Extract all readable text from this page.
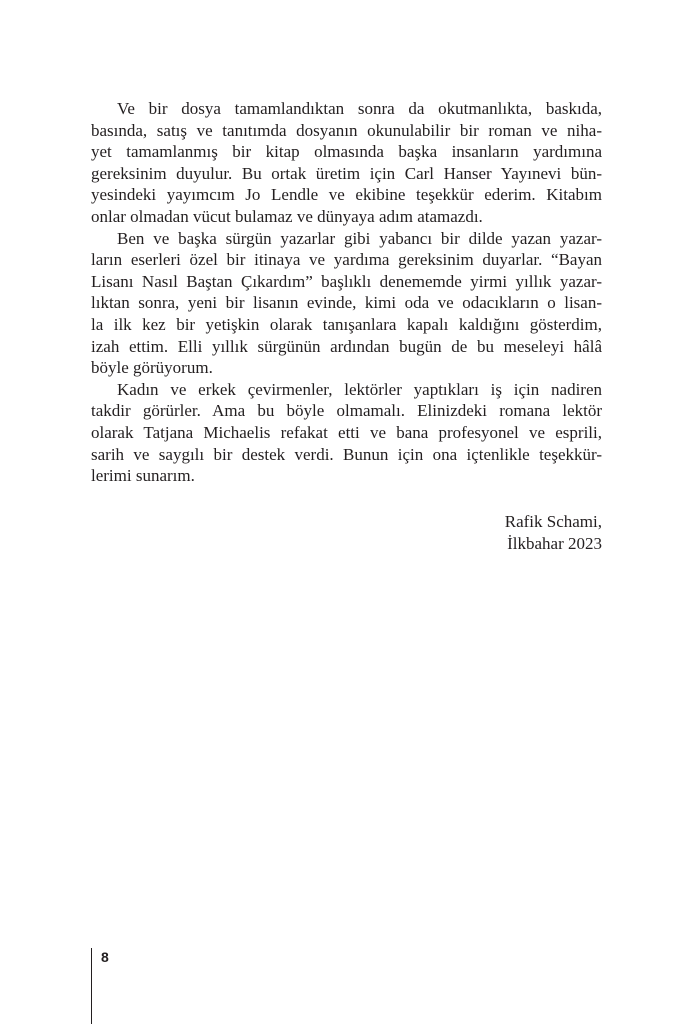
Ve bir dosya tamamlandıktan sonra da okutmanlıkta, baskıda,
basında, satış ve tanıtımda dosyanın okunulabilir bir roman ve niha-
yet tamamlanmış bir kitap olmasında başka insanların yardımına
gereksinim duyulur. Bu ortak üretim için Carl Hanser Yayınevi bün-
yesindeki yayımcım Jo Lendle ve ekibine teşekkür ederim. Kitabım
onlar olmadan vücut bulamaz ve dünyaya adım atamazdı.
Ben ve başka sürgün yazarlar gibi yabancı bir dilde yazan yazar-
ların eserleri özel bir itinaya ve yardıma gereksinim duyarlar. “Bayan
Lisanı Nasıl Baştan Çıkardım” başlıklı denememde yirmi yıllık yazar-
lıktan sonra, yeni bir lisanın evinde, kimi oda ve odacıkların o lisan-
la ilk kez bir yetişkin olarak tanışanlara kapalı kaldığını gösterdim,
izah ettim. Elli yıllık sürgünün ardından bugün de bu meseleyi hâlâ
böyle görüyorum.
Kadın ve erkek çevirmenler, lektörler yaptıkları iş için nadiren
takdir görürler. Ama bu böyle olmamalı. Elinizdeki romana lektör
olarak Tatjana Michaelis refakat etti ve bana profesyonel ve esprili,
sarih ve saygılı bir destek verdi. Bunun için ona içtenlikle teşekkür-
lerimi sunarım.
Rafik Schami,
İlkbahar 2023
8
